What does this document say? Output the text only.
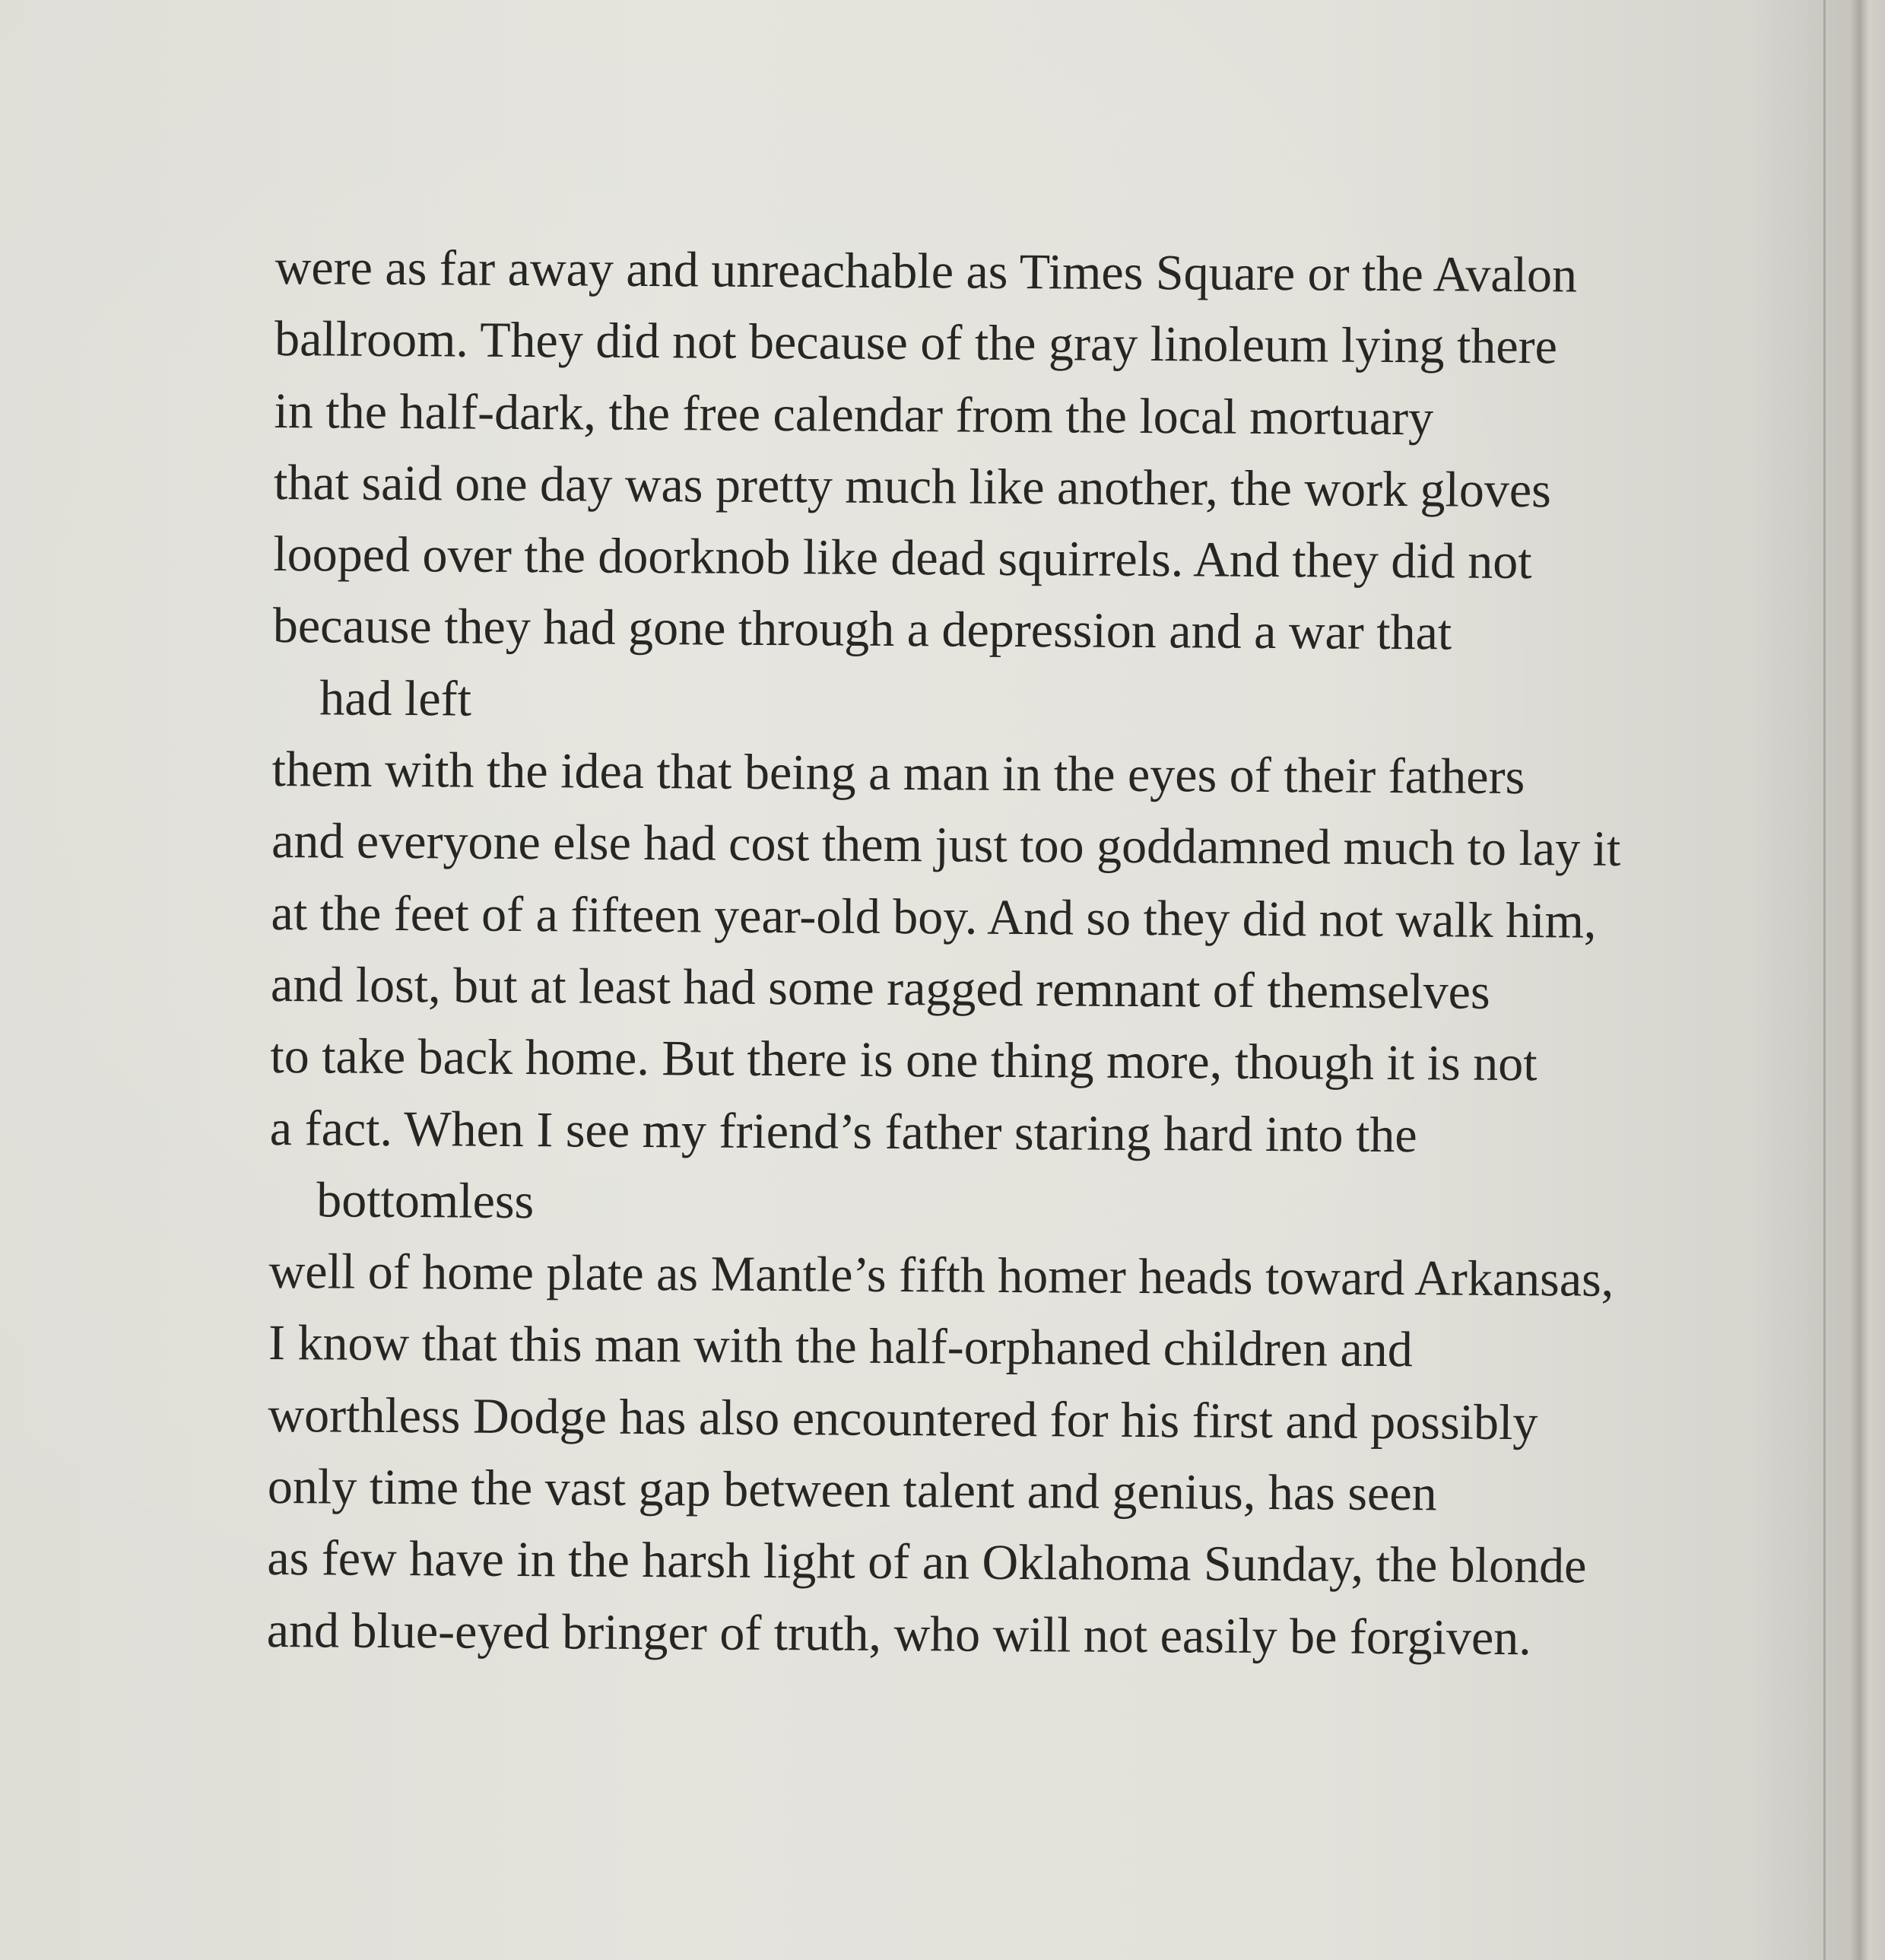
were as far away and unreachable as Times Square or the Avalon
ballroom. They did not because of the gray linoleum lying there
in the half-dark, the free calendar from the local mortuary
that said one day was pretty much like another, the work gloves
looped over the doorknob like dead squirrels. And they did not
because they had gone through a depression and a war that
had left
them with the idea that being a man in the eyes of their fathers
and everyone else had cost them just too goddamned much to lay it
at the feet of a fifteen year-old boy. And so they did not walk him,
and lost, but at least had some ragged remnant of themselves
to take back home. But there is one thing more, though it is not
a fact. When I see my friend’s father staring hard into the
bottomless
well of home plate as Mantle’s fifth homer heads toward Arkansas,
I know that this man with the half-orphaned children and
worthless Dodge has also encountered for his first and possibly
only time the vast gap between talent and genius, has seen
as few have in the harsh light of an Oklahoma Sunday, the blonde
and blue-eyed bringer of truth, who will not easily be forgiven.
